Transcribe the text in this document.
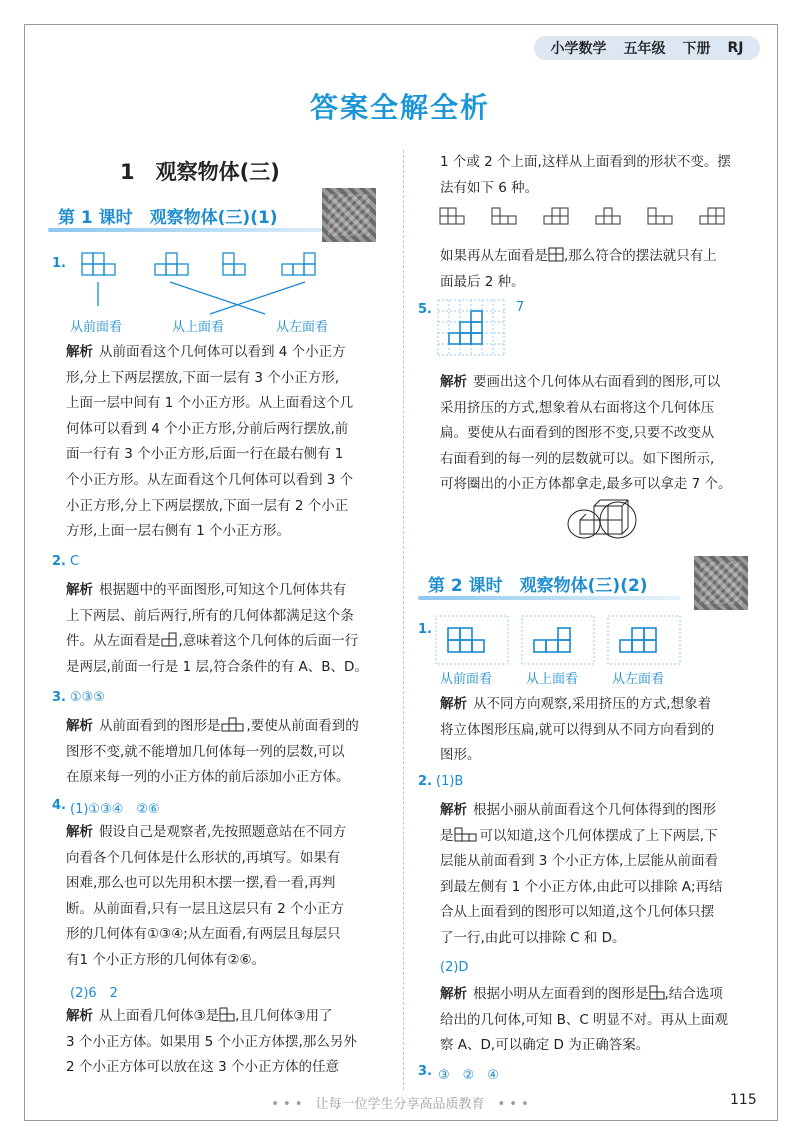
小学数学 五年级 下册 RJ
答案全解全析
1　观察物体(三)
第 1 课时　观察物体(三)(1)
1.
从前面看	从上面看	从左面看
解析 从前面看这个几何体可以看到 4 个小正方
形,分上下两层摆放,下面一层有 3 个小正方形,
上面一层中间有 1 个小正方形。从上面看这个几
何体可以看到 4 个小正方形,分前后两行摆放,前
面一行有 3 个小正方形,后面一行在最右侧有 1
个小正方形。从左面看这个几何体可以看到 3 个
小正方形,分上下两层摆放,下面一层有 2 个小正
方形,上面一层右侧有 1 个小正方形。
2. C
解析 根据题中的平面图形,可知这个几何体共有
上下两层、前后两行,所有的几何体都满足这个条
件。从左面看是 ,意味着这个几何体的后面一行
是两层,前面一行是 1 层,符合条件的有 A、B、D。
3. ①③⑤
解析 从前面看到的图形是 ,要使从前面看到的
图形不变,就不能增加几何体每一列的层数,可以
在原来每一列的小正方体的前后添加小正方体。
4. (1)①③④　②⑥
解析 假设自己是观察者,先按照题意站在不同方
向看各个几何体是什么形状的,再填写。如果有
困难,那么也可以先用积木摆一摆,看一看,再判
断。从前面看,只有一层且这层只有 2 个小正方
形的几何体有①③④;从左面看,有两层且每层只
有1 个小正方形的几何体有②⑥。
(2)6　2
解析 从上面看几何体③是 ,且几何体③用了
3 个小正方体。如果用 5 个小正方体摆,那么另外
2 个小正方体可以放在这 3 个小正方体的任意
1 个或 2 个上面,这样从上面看到的形状不变。摆
法有如下 6 种。
如果再从左面看是 ,那么符合的摆法就只有上
面最后 2 种。
5.	7
解析 要画出这个几何体从右面看到的图形,可以
采用挤压的方式,想象着从右面将这个几何体压
扁。要使从右面看到的图形不变,只要不改变从
右面看到的每一列的层数就可以。如下图所示,
可将圈出的小正方体都拿走,最多可以拿走 7 个。
第 2 课时　观察物体(三)(2)
1.
从前面看	从上面看	从左面看
解析 从不同方向观察,采用挤压的方式,想象着
将立体图形压扁,就可以得到从不同方向看到的
图形。
2. (1)B
解析 根据小丽从前面看这个几何体得到的图形
是 可以知道,这个几何体摆成了上下两层,下
层能从前面看到 3 个小正方体,上层能从前面看
到最左侧有 1 个小正方体,由此可以排除 A;再结
合从上面看到的图形可以知道,这个几何体只摆
了一行,由此可以排除 C 和 D。
(2)D
解析 根据小明从左面看到的图形是 ,结合选项
给出的几何体,可知 B、C 明显不对。再从上面观
察 A、D,可以确定 D 为正确答案。
3. ③　②　④
• • •　让每一位学生分享高品质教育　• • •	115
